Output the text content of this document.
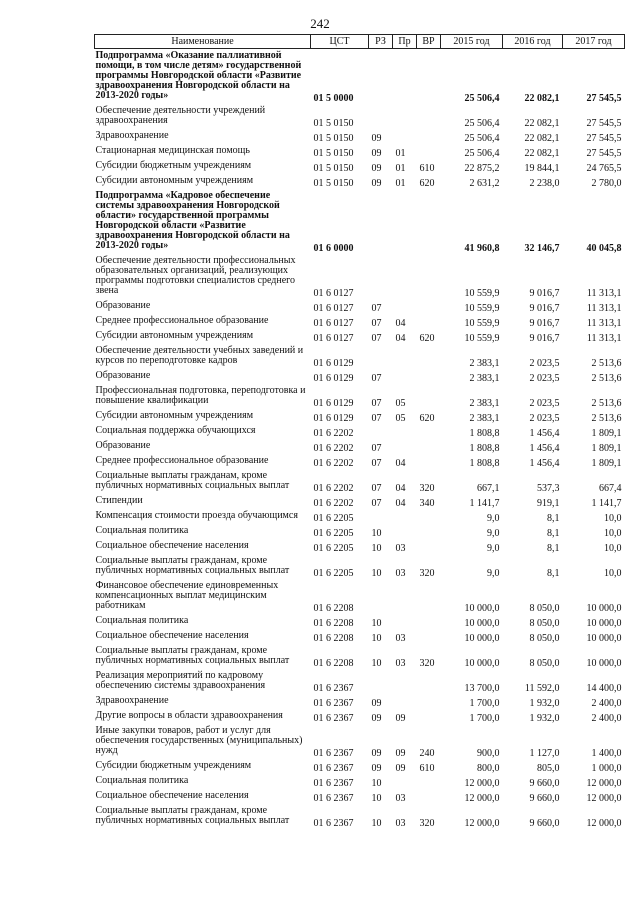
242
Наименование	ЦСТ	РЗ	Пр	ВР	2015 год	2016 год	2017 год
Подпрограмма «Оказание паллиативной помощи, в том числе детям» государственной программы Новгородской области «Развитие здравоохранения Новгородской области на 2013-2020 годы»	01 5 0000				25 506,4	22 082,1	27 545,5
Обеспечение деятельности учреждений здравоохранения	01 5 0150				25 506,4	22 082,1	27 545,5
Здравоохранение	01 5 0150	09			25 506,4	22 082,1	27 545,5
Стационарная медицинская помощь	01 5 0150	09	01		25 506,4	22 082,1	27 545,5
Субсидии бюджетным учреждениям	01 5 0150	09	01	610	22 875,2	19 844,1	24 765,5
Субсидии автономным учреждениям	01 5 0150	09	01	620	2 631,2	2 238,0	2 780,0
Подпрограмма «Кадровое обеспечение системы здравоохранения Новгородской области» государственной программы Новгородской области «Развитие здравоохранения Новгородской области на 2013-2020 годы»	01 6 0000				41 960,8	32 146,7	40 045,8
Обеспечение деятельности профессиональных образовательных организаций, реализующих программы подготовки специалистов среднего звена	01 6 0127				10 559,9	9 016,7	11 313,1
Образование	01 6 0127	07			10 559,9	9 016,7	11 313,1
Среднее профессиональное образование	01 6 0127	07	04		10 559,9	9 016,7	11 313,1
Субсидии автономным учреждениям	01 6 0127	07	04	620	10 559,9	9 016,7	11 313,1
Обеспечение деятельности учебных заведений и курсов по переподготовке кадров	01 6 0129				2 383,1	2 023,5	2 513,6
Образование	01 6 0129	07			2 383,1	2 023,5	2 513,6
Профессиональная подготовка, переподготовка и повышение квалификации	01 6 0129	07	05		2 383,1	2 023,5	2 513,6
Субсидии автономным учреждениям	01 6 0129	07	05	620	2 383,1	2 023,5	2 513,6
Социальная поддержка обучающихся	01 6 2202				1 808,8	1 456,4	1 809,1
Образование	01 6 2202	07			1 808,8	1 456,4	1 809,1
Среднее профессиональное образование	01 6 2202	07	04		1 808,8	1 456,4	1 809,1
Социальные выплаты гражданам, кроме публичных нормативных социальных выплат	01 6 2202	07	04	320	667,1	537,3	667,4
Стипендии	01 6 2202	07	04	340	1 141,7	919,1	1 141,7
Компенсация стоимости проезда обучающимся	01 6 2205				9,0	8,1	10,0
Социальная политика	01 6 2205	10			9,0	8,1	10,0
Социальное обеспечение населения	01 6 2205	10	03		9,0	8,1	10,0
Социальные выплаты гражданам, кроме публичных нормативных социальных выплат	01 6 2205	10	03	320	9,0	8,1	10,0
Финансовое обеспечение единовременных компенсационных выплат медицинским работникам	01 6 2208				10 000,0	8 050,0	10 000,0
Социальная политика	01 6 2208	10			10 000,0	8 050,0	10 000,0
Социальное обеспечение населения	01 6 2208	10	03		10 000,0	8 050,0	10 000,0
Социальные выплаты гражданам, кроме публичных нормативных социальных выплат	01 6 2208	10	03	320	10 000,0	8 050,0	10 000,0
Реализация мероприятий по кадровому обеспечению системы здравоохранения	01 6 2367				13 700,0	11 592,0	14 400,0
Здравоохранение	01 6 2367	09			1 700,0	1 932,0	2 400,0
Другие вопросы в области здравоохранения	01 6 2367	09	09		1 700,0	1 932,0	2 400,0
Иные закупки товаров, работ и услуг для обеспечения государственных (муниципальных) нужд	01 6 2367	09	09	240	900,0	1 127,0	1 400,0
Субсидии бюджетным учреждениям	01 6 2367	09	09	610	800,0	805,0	1 000,0
Социальная политика	01 6 2367	10			12 000,0	9 660,0	12 000,0
Социальное обеспечение населения	01 6 2367	10	03		12 000,0	9 660,0	12 000,0
Социальные выплаты гражданам, кроме публичных нормативных социальных выплат	01 6 2367	10	03	320	12 000,0	9 660,0	12 000,0
